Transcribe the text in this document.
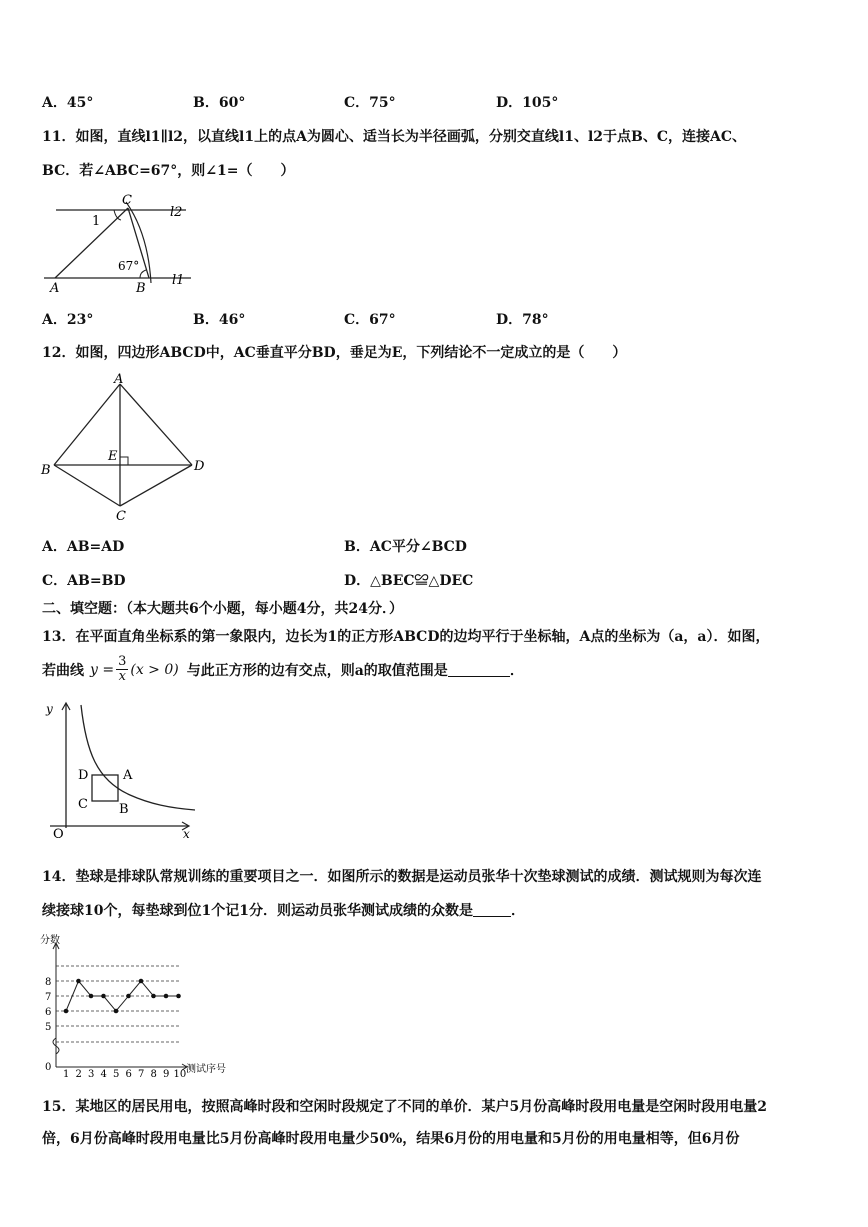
A．45°	B．60°	C．75°	D．105°
11．如图，直线l1∥l2，以直线l1上的点A为圆心、适当长为半径画弧，分别交直线l1、l2于点B、C，连接AC、
BC．若∠ABC=67°，则∠1=（　　）
C
l2
1
67°
A	B
l1
A．23°	B．46°	C．67°	D．78°
12．如图，四边形ABCD中，AC垂直平分BD，垂足为E，下列结论不一定成立的是（　　）
A
B	D
C
E
A．AB=AD	B．AC平分∠BCD
C．AB=BD	D．△BEC≌△DEC
二、填空题：（本大题共6个小题，每小题4分，共24分．）
13．在平面直角坐标系的第一象限内，边长为1的正方形ABCD的边均平行于坐标轴，A点的坐标为（a，a）．如图，
若曲线 $y = \frac{3}{x} (x > 0)$ 与此正方形的边有交点，则a的取值范围是	．
y
x
O
D	A
C B
14．垫球是排球队常规训练的重要项目之一．如图所示的数据是运动员张华十次垫球测试的成绩．测试规则为每次连
续接球10个，每垫球到位1个记1分．则运动员张华测试成绩的众数是	．
分数
测试序号
0
5
6
7
8
1 2 3 4 5 6 7 8 9 10
15．某地区的居民用电，按照高峰时段和空闲时段规定了不同的单价．某户5月份高峰时段用电量是空闲时段用电量2
倍，6月份高峰时段用电量比5月份高峰时段用电量少50%，结果6月份的用电量和5月份的用电量相等，但6月份
